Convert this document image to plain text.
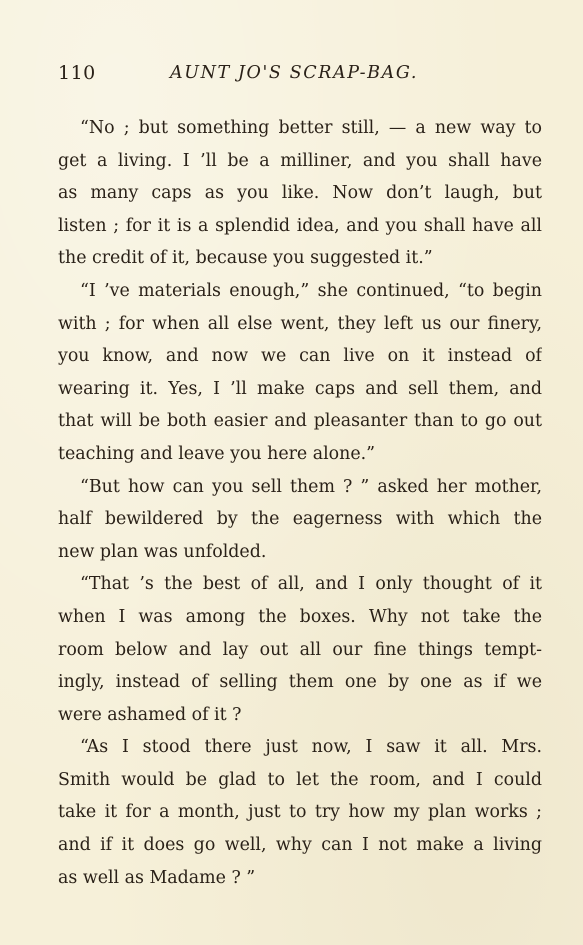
110	AUNT JO'S SCRAP-BAG.
“No ; but something better still, — a new way to
get a living. I ’ll be a milliner, and you shall have
as many caps as you like. Now don’t laugh, but
listen ; for it is a splendid idea, and you shall have all
the credit of it, because you suggested it.”
“I ’ve materials enough,” she continued, “to begin
with ; for when all else went, they left us our finery,
you know, and now we can live on it instead of
wearing it. Yes, I ’ll make caps and sell them, and
that will be both easier and pleasanter than to go out
teaching and leave you here alone.”
“But how can you sell them ? ” asked her mother,
half bewildered by the eagerness with which the
new plan was unfolded.
“That ’s the best of all, and I only thought of it
when I was among the boxes. Why not take the
room below and lay out all our fine things tempt-
ingly, instead of selling them one by one as if we
were ashamed of it ?
“As I stood there just now, I saw it all. Mrs.
Smith would be glad to let the room, and I could
take it for a month, just to try how my plan works ;
and if it does go well, why can I not make a living
as well as Madame ? ”
